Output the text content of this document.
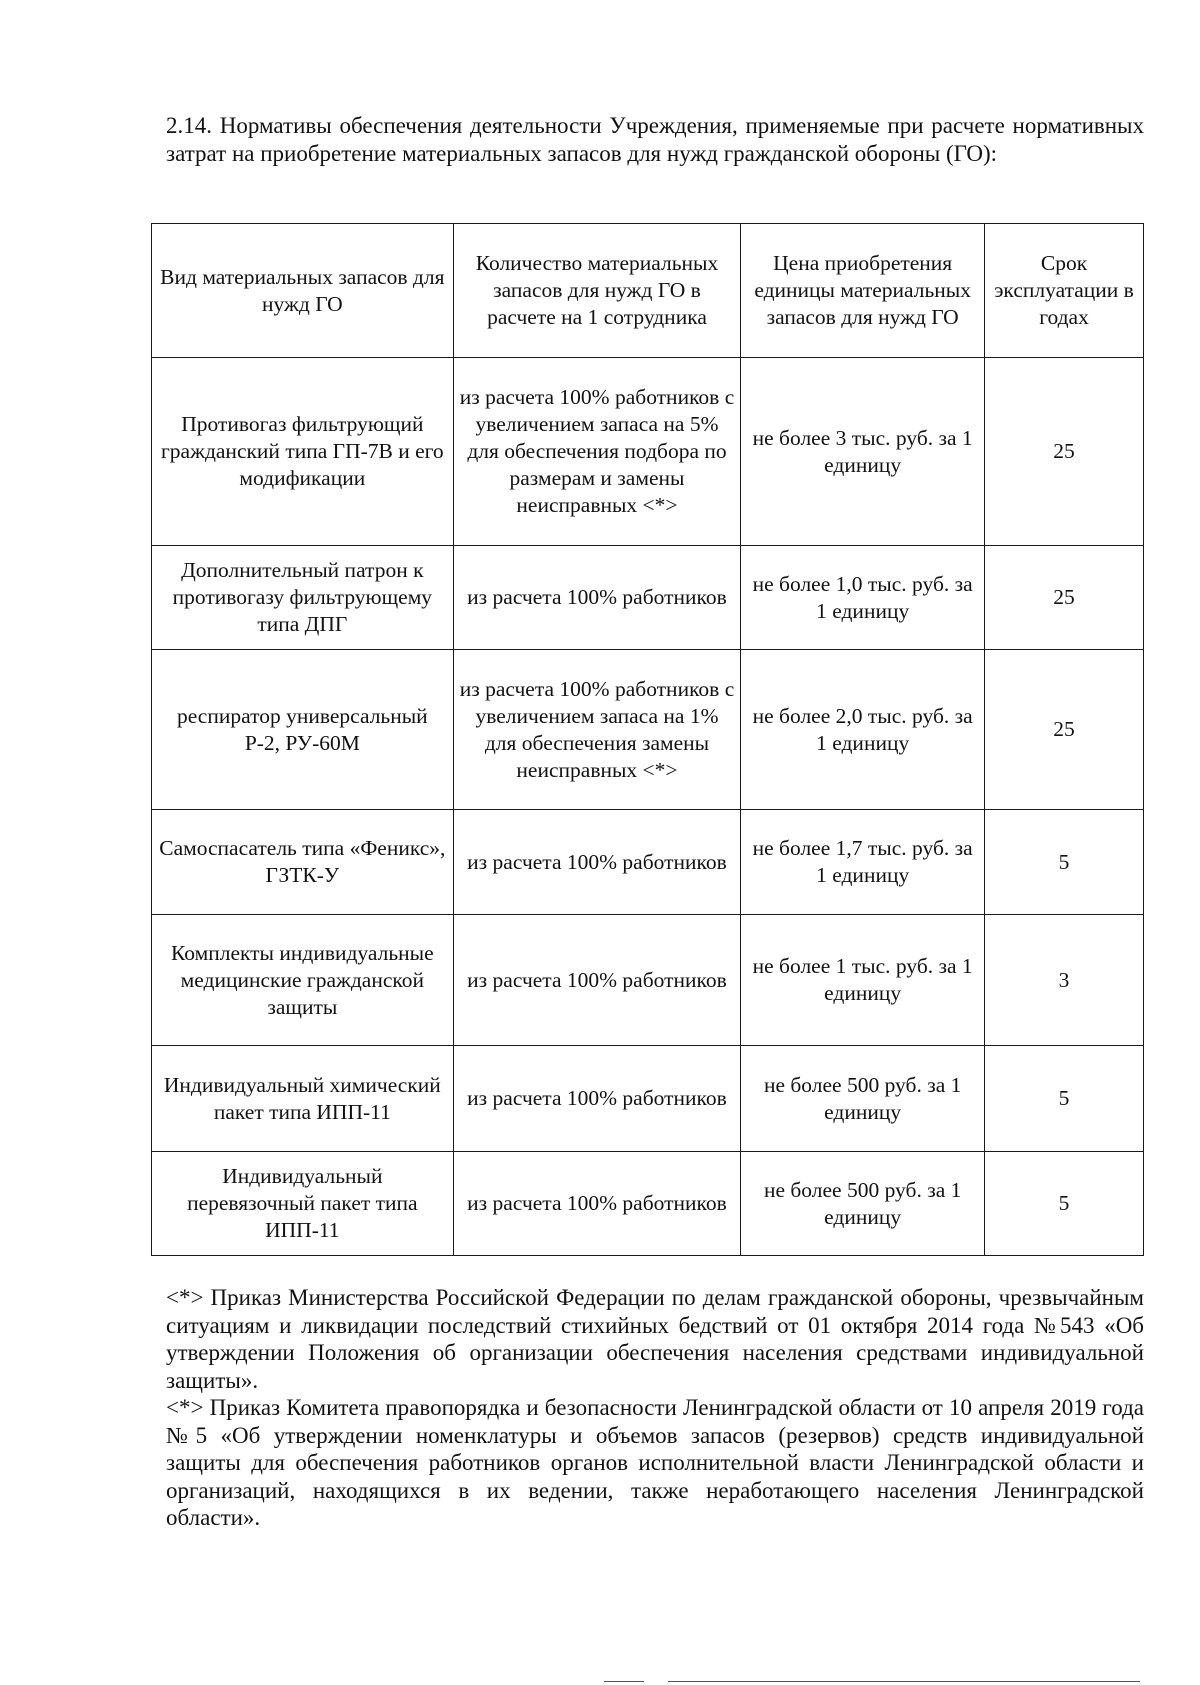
2.14. Нормативы обеспечения деятельности Учреждения, применяемые при расчете нормативных затрат на приобретение материальных запасов для нужд гражданской обороны (ГО):

Вид материальных запасов для нужд ГО	Количество материальных запасов для нужд ГО в расчете на 1 сотрудника	Цена приобретения единицы материальных запасов для нужд ГО	Срок эксплуатации в годах
Противогаз фильтрующий гражданский типа ГП-7В и его модификации	из расчета 100% работников с увеличением запаса на 5% для обеспечения подбора по размерам и замены неисправных <*>	не более 3 тыс. руб. за 1 единицу	25
Дополнительный патрон к противогазу фильтрующему типа ДПГ	из расчета 100% работников	не более 1,0 тыс. руб. за 1 единицу	25
респиратор универсальный Р-2, РУ-60М	из расчета 100% работников с увеличением запаса на 1% для обеспечения замены неисправных <*>	не более 2,0 тыс. руб. за 1 единицу	25
Самоспасатель типа «Феникс», ГЗТК-У	из расчета 100% работников	не более 1,7 тыс. руб. за 1 единицу	5
Комплекты индивидуальные медицинские гражданской защиты	из расчета 100% работников	не более 1 тыс. руб. за 1 единицу	3
Индивидуальный химический пакет типа ИПП-11	из расчета 100% работников	не более 500 руб. за 1 единицу	5
Индивидуальный перевязочный пакет типа ИПП-11	из расчета 100% работников	не более 500 руб. за 1 единицу	5

<*> Приказ Министерства Российской Федерации по делам гражданской обороны, чрезвычайным ситуациям и ликвидации последствий стихийных бедствий от 01 октября 2014 года №543 «Об утверждении Положения об организации обеспечения населения средствами индивидуальной защиты».

<*> Приказ Комитета правопорядка и безопасности Ленинградской области от 10 апреля 2019 года №5 «Об утверждении номенклатуры и объемов запасов (резервов) средств индивидуальной защиты для обеспечения работников органов исполнительной власти Ленинградской области и организаций, находящихся в их ведении, также неработающего населения Ленинградской области».
